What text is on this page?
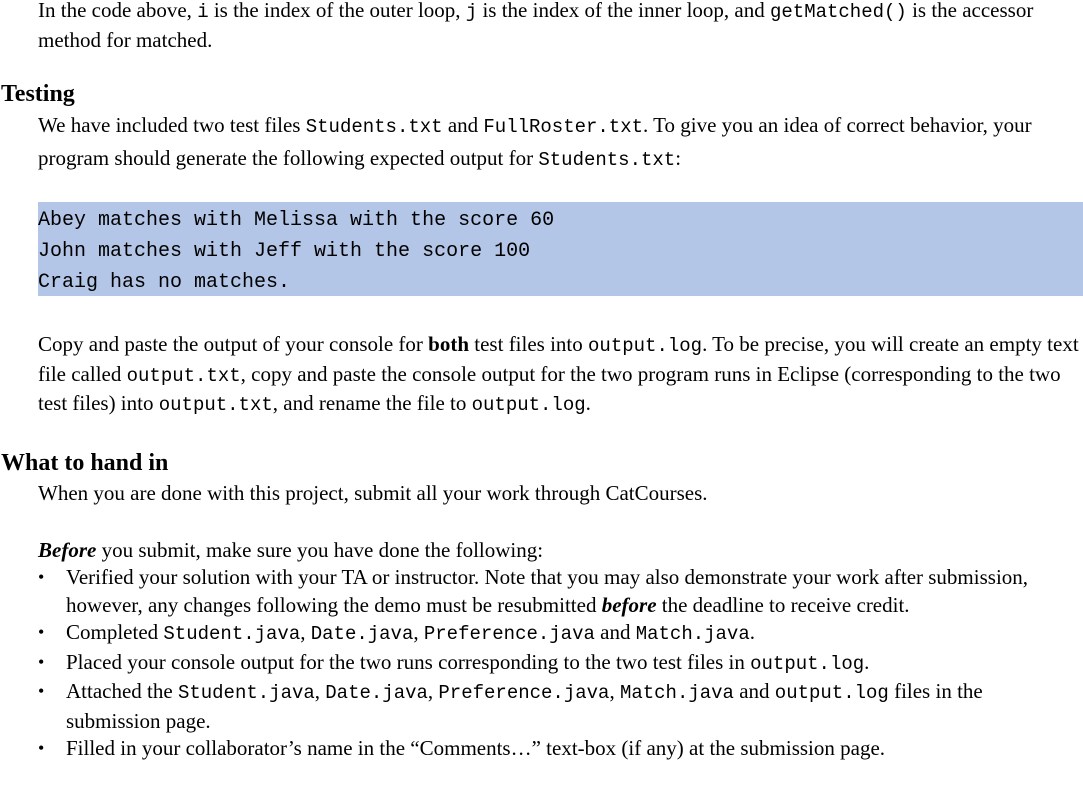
In the code above, i is the index of the outer loop, j is the index of the inner loop, and getMatched() is the accessor method for matched.

Testing

We have included two test files Students.txt and FullRoster.txt. To give you an idea of correct behavior, your program should generate the following expected output for Students.txt:

Abey matches with Melissa with the score 60
John matches with Jeff with the score 100
Craig has no matches.

Copy and paste the output of your console for both test files into output.log. To be precise, you will create an empty text file called output.txt, copy and paste the console output for the two program runs in Eclipse (corresponding to the two test files) into output.txt, and rename the file to output.log.

What to hand in

When you are done with this project, submit all your work through CatCourses.

Before you submit, make sure you have done the following:

• Verified your solution with your TA or instructor. Note that you may also demonstrate your work after submission, however, any changes following the demo must be resubmitted before the deadline to receive credit.
• Completed Student.java, Date.java, Preference.java and Match.java.
• Placed your console output for the two runs corresponding to the two test files in output.log.
• Attached the Student.java, Date.java, Preference.java, Match.java and output.log files in the submission page.
• Filled in your collaborator’s name in the “Comments…” text-box (if any) at the submission page.
